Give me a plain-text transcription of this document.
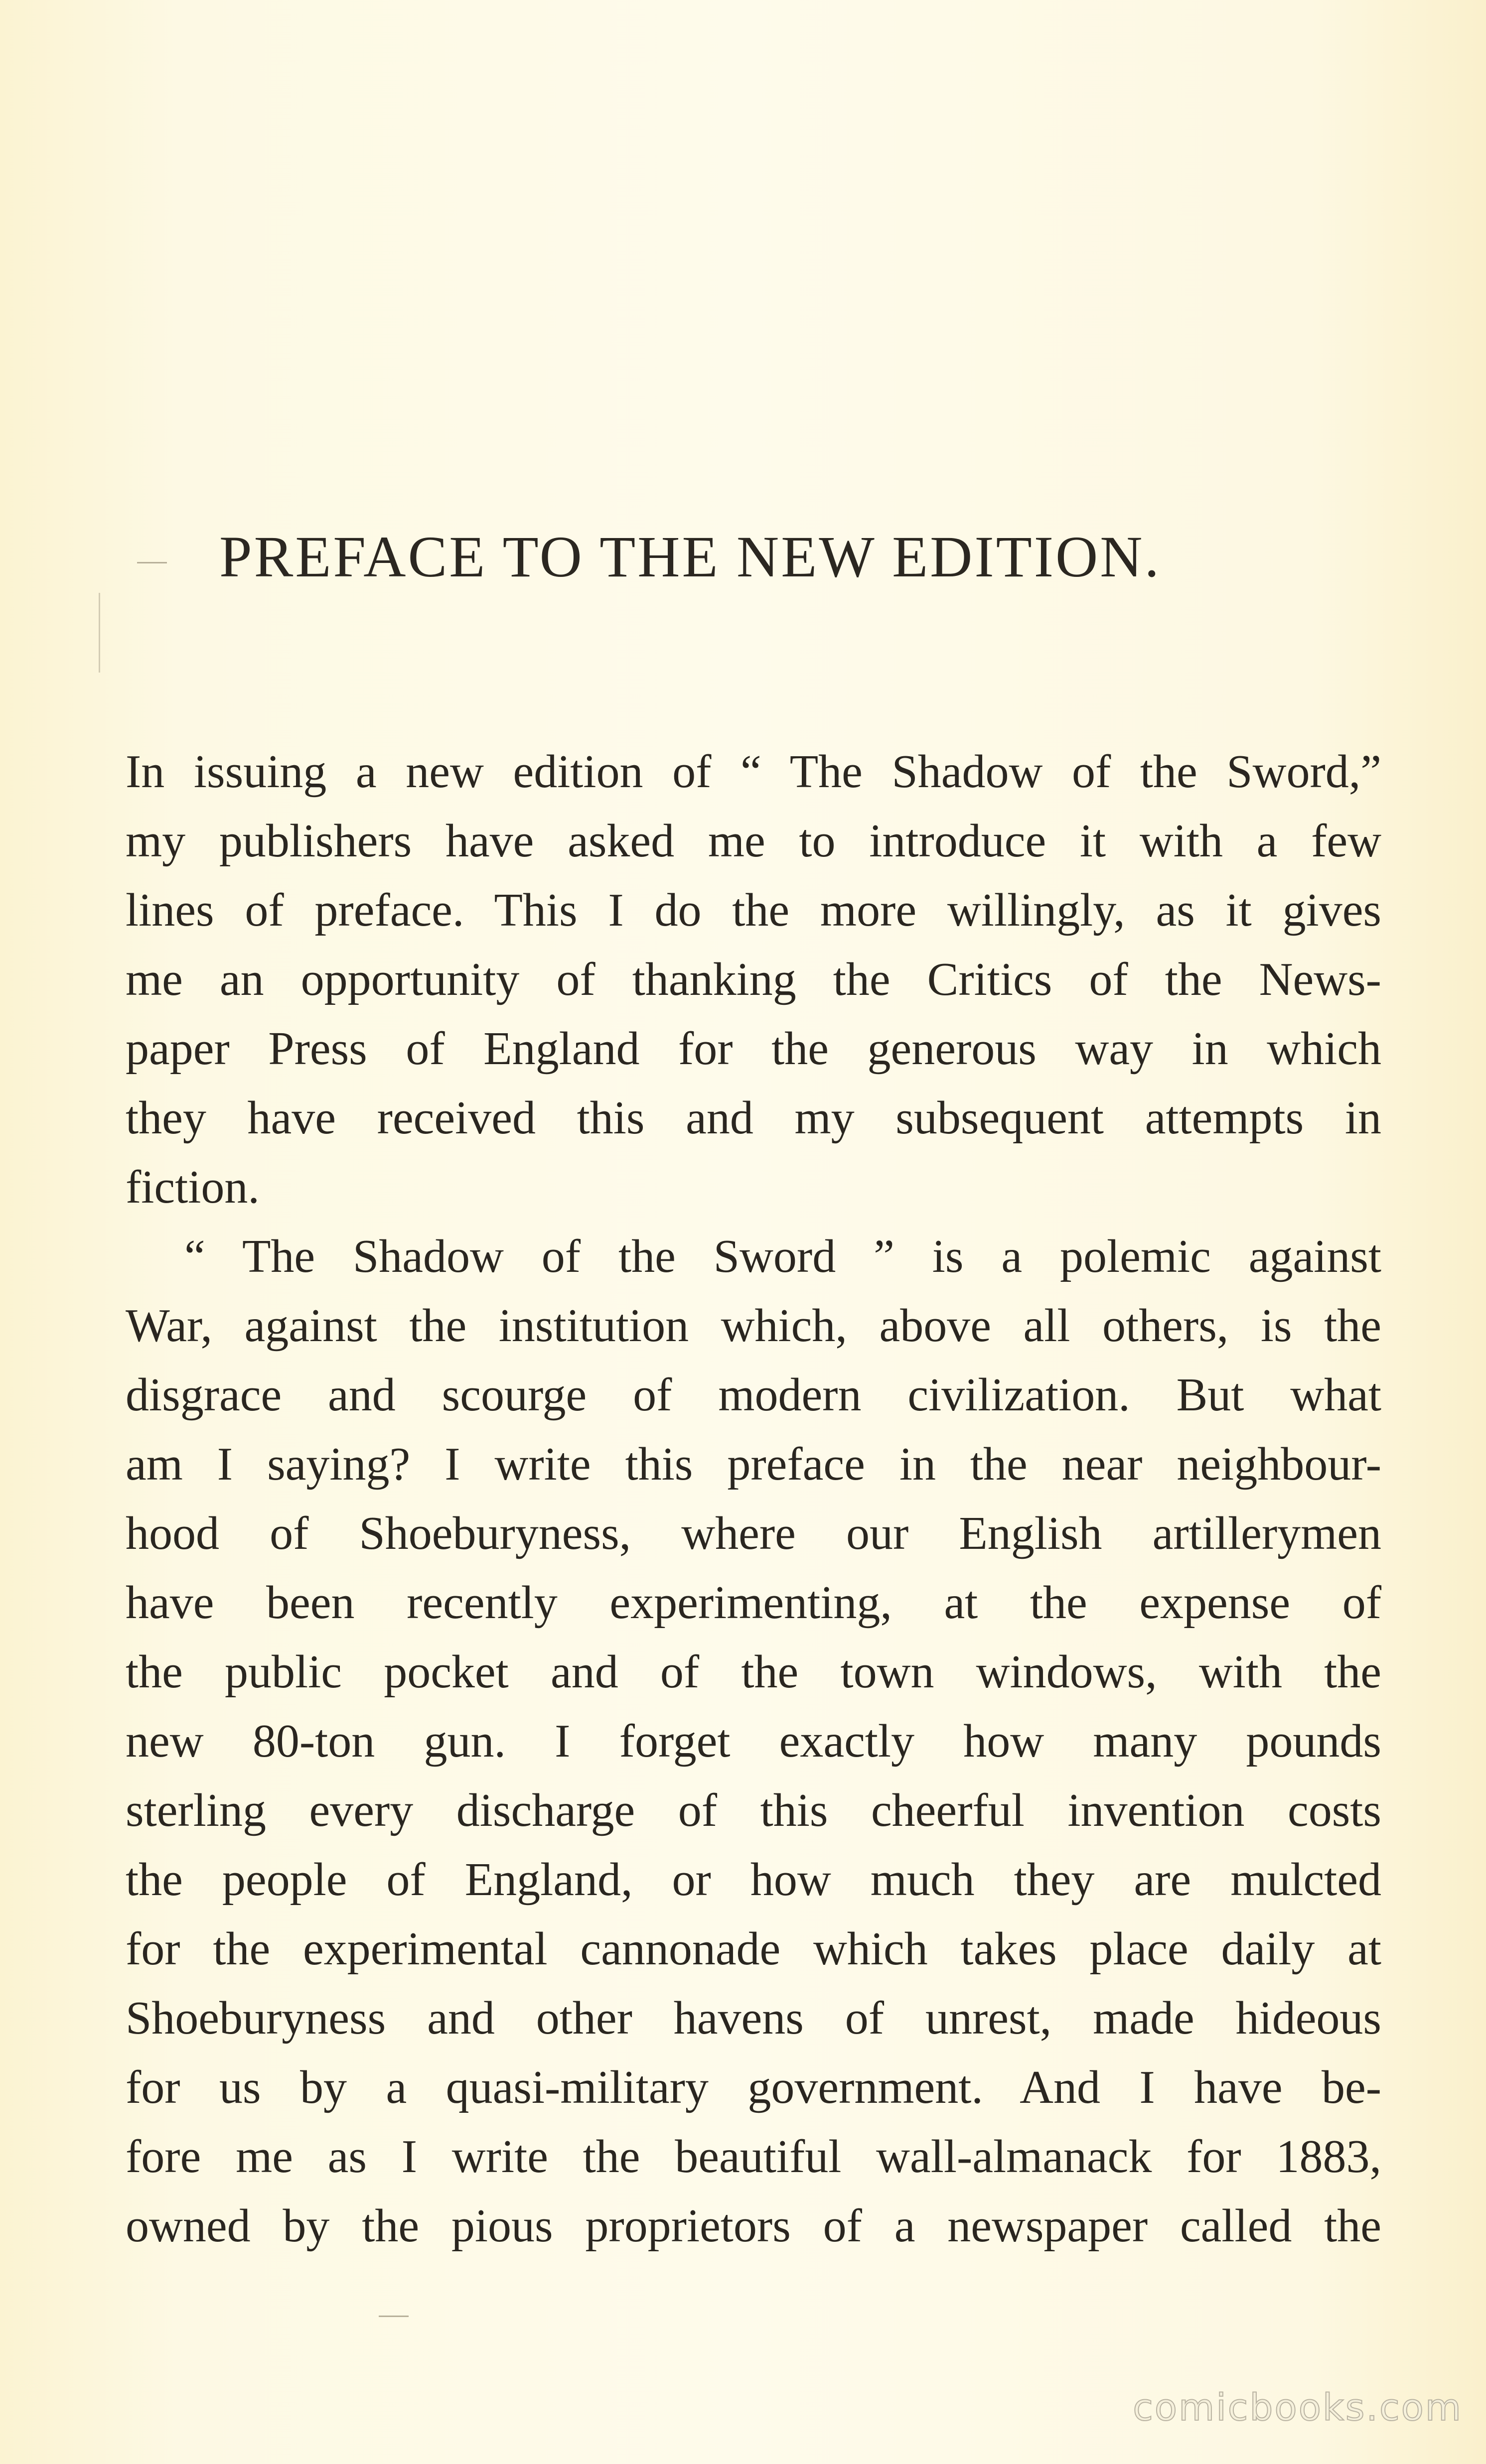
PREFACE TO THE NEW EDITION.
In issuing a new edition of “ The Shadow of the Sword,”
my publishers have asked me to introduce it with a few
lines of preface. This I do the more willingly, as it gives
me an opportunity of thanking the Critics of the News-
paper Press of England for the generous way in which
they have received this and my subsequent attempts in
fiction.
“ The Shadow of the Sword ” is a polemic against
War, against the institution which, above all others, is the
disgrace and scourge of modern civilization. But what
am I saying? I write this preface in the near neighbour-
hood of Shoeburyness, where our English artillerymen
have been recently experimenting, at the expense of
the public pocket and of the town windows, with the
new 80-ton gun. I forget exactly how many pounds
sterling every discharge of this cheerful invention costs
the people of England, or how much they are mulcted
for the experimental cannonade which takes place daily at
Shoeburyness and other havens of unrest, made hideous
for us by a quasi-military government. And I have be-
fore me as I write the beautiful wall-almanack for 1883,
owned by the pious proprietors of a newspaper called the
comicbooks.com
